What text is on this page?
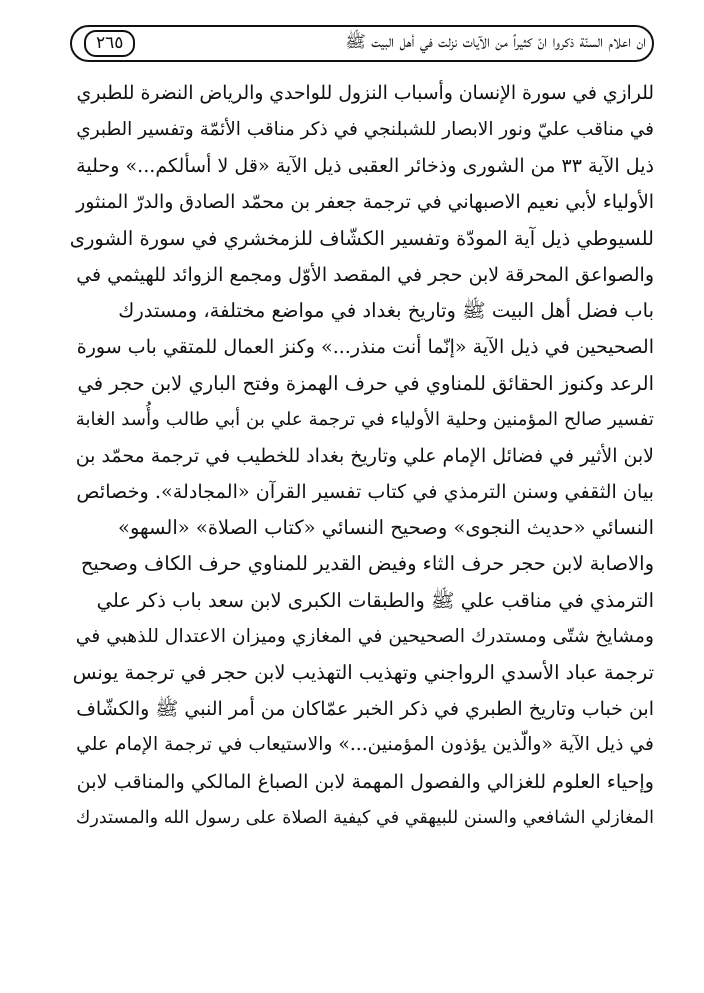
ان اعلام السنّة ذكروا انّ كثيراً من الآيات نزلت في أهل البيت ﷺ
٢٦٥
للرازي في سورة الإنسان وأسباب النزول للواحدي والرياض النضرة للطبري
في مناقب عليّ ونور الابصار للشبلنجي في ذكر مناقب الأئمّة وتفسير الطبري
ذيل الآية ٣٣ من الشورى وذخائر العقبى ذيل الآية «قل لا أسألكم...» وحلية
الأولياء لأبي نعيم الاصبهاني في ترجمة جعفر بن محمّد الصادق والدرّ المنثور
للسيوطي ذيل آية المودّة وتفسير الكشّاف للزمخشري في سورة الشورى
والصواعق المحرقة لابن حجر في المقصد الأوّل ومجمع الزوائد للهيثمي في
باب فضل أهل البيت ﷺ وتاريخ بغداد في مواضع مختلفة، ومستدرك
الصحيحين في ذيل الآية «إنّما أنت منذر...» وكنز العمال للمتقي باب سورة
الرعد وكنوز الحقائق للمناوي في حرف الهمزة وفتح الباري لابن حجر في
تفسير صالح المؤمنين وحلية الأولياء في ترجمة علي بن أبي طالب وأُسد الغابة
لابن الأثير في فضائل الإمام علي وتاريخ بغداد للخطيب في ترجمة محمّد بن
بيان الثقفي وسنن الترمذي في كتاب تفسير القرآن «المجادلة». وخصائص
النسائي «حديث النجوى» وصحيح النسائي «كتاب الصلاة» «السهو»
والاصابة لابن حجر حرف الثاء وفيض القدير للمناوي حرف الكاف وصحيح
الترمذي في مناقب علي ﷺ والطبقات الكبرى لابن سعد باب ذكر علي
ومشايخ شتّى ومستدرك الصحيحين في المغازي وميزان الاعتدال للذهبي في
ترجمة عباد الأسدي الرواجني وتهذيب التهذيب لابن حجر في ترجمة يونس
ابن خباب وتاريخ الطبري في ذكر الخبر عمّاكان من أمر النبي ﷺ والكشّاف
في ذيل الآية «والّذين يؤذون المؤمنين...» والاستيعاب في ترجمة الإمام علي
وإحياء العلوم للغزالي والفصول المهمة لابن الصباغ المالكي والمناقب لابن
المغازلي الشافعي والسنن للبيهقي في كيفية الصلاة على رسول الله والمستدرك
